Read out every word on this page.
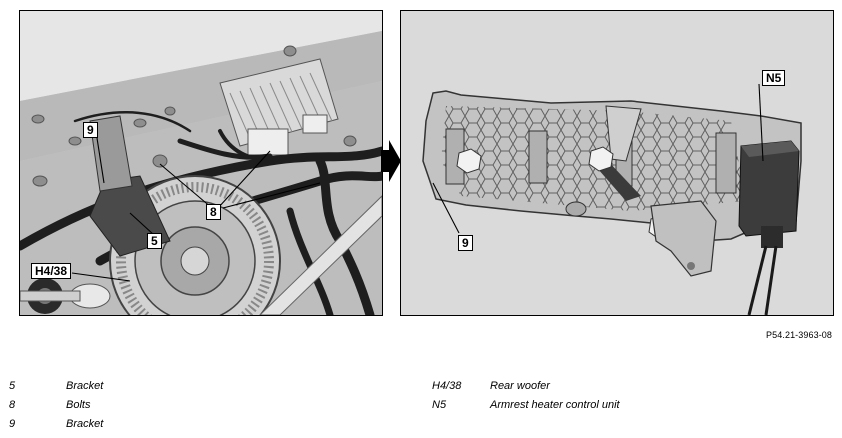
9
8
5
H4/38
N5
9
P54.21-3963-08
5	Bracket
8	Bolts
9	Bracket
H4/38	Rear woofer
N5	Armrest heater control unit
